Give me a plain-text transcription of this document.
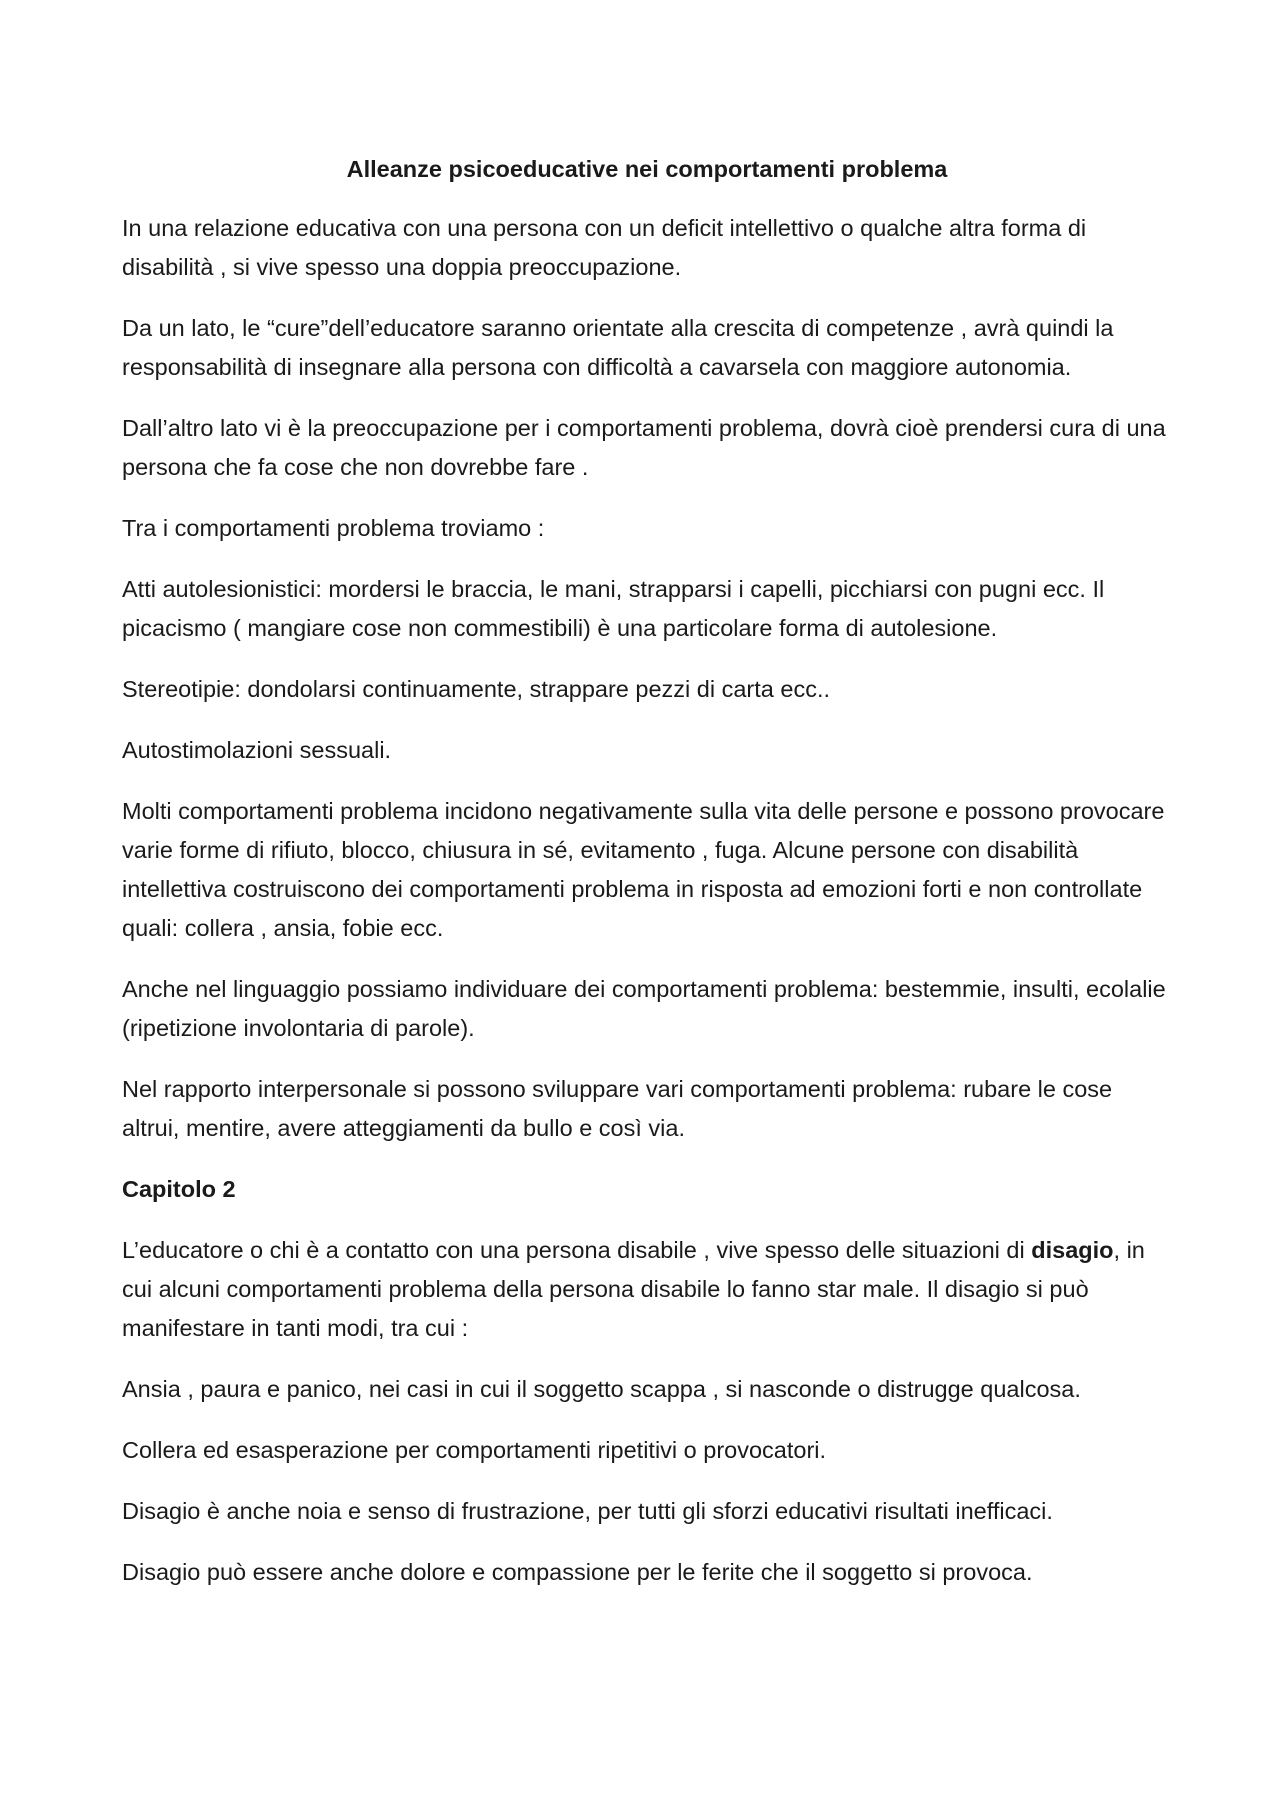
Alleanze psicoeducative nei comportamenti problema

In una relazione educativa con una persona con un deficit intellettivo o qualche altra forma di disabilità , si vive spesso una doppia preoccupazione.

Da un lato, le “cure”dell’educatore saranno orientate alla crescita di competenze , avrà quindi la responsabilità di insegnare alla persona con difficoltà a cavarsela con maggiore autonomia.

Dall’altro lato vi è la preoccupazione per i comportamenti problema, dovrà cioè prendersi cura di una persona che fa cose che non dovrebbe fare .

Tra i comportamenti problema troviamo :

Atti autolesionistici: mordersi le braccia, le mani, strapparsi i capelli, picchiarsi con pugni ecc. Il picacismo ( mangiare cose non commestibili) è una particolare forma di autolesione.

Stereotipie: dondolarsi continuamente, strappare pezzi di carta ecc..

Autostimolazioni sessuali.

Molti comportamenti problema incidono negativamente sulla vita delle persone e possono provocare varie forme di rifiuto, blocco, chiusura in sé, evitamento , fuga. Alcune persone con disabilità intellettiva costruiscono dei comportamenti problema in risposta ad emozioni forti e non controllate quali: collera , ansia, fobie ecc.

Anche nel linguaggio possiamo individuare dei comportamenti problema: bestemmie, insulti, ecolalie (ripetizione involontaria di parole).

Nel rapporto interpersonale si possono sviluppare vari comportamenti problema: rubare le cose altrui, mentire, avere atteggiamenti da bullo e così via.

Capitolo 2

L’educatore o chi è a contatto con una persona disabile , vive spesso delle situazioni di disagio, in cui alcuni comportamenti problema della persona disabile lo fanno star male. Il disagio si può manifestare in tanti modi, tra cui :

Ansia , paura e panico, nei casi in cui il soggetto scappa , si nasconde o distrugge qualcosa.

Collera ed esasperazione per comportamenti ripetitivi o provocatori.

Disagio è anche noia e senso di frustrazione, per tutti gli sforzi educativi risultati inefficaci.

Disagio può essere anche dolore e compassione per le ferite che il soggetto si provoca.
